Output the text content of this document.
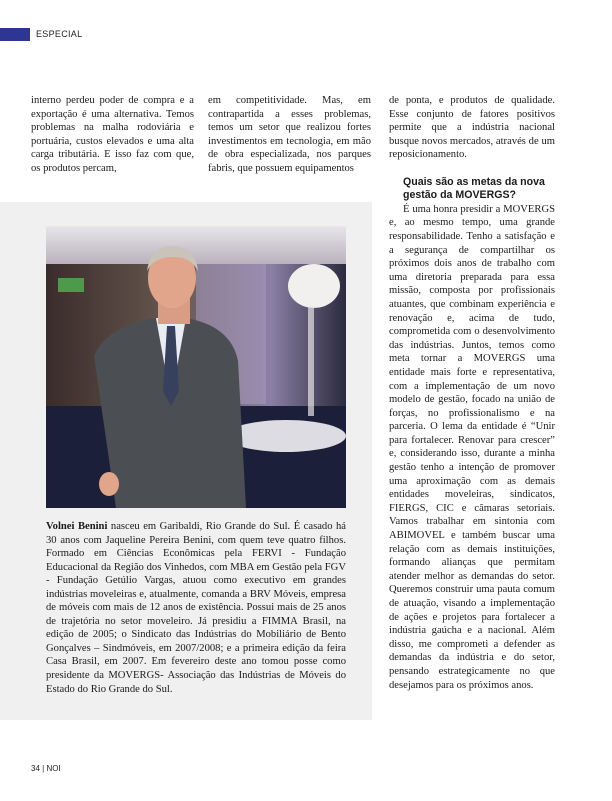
ESPECIAL

interno perdeu poder de compra e a exportação é uma alternativa. Temos problemas na malha rodoviária e portuária, custos elevados e uma alta carga tributária. E isso faz com que, os produtos percam,

em competitividade. Mas, em contrapartida a esses problemas, temos um setor que realizou fortes investimentos em tecnologia, em mão de obra especializada, nos parques fabris, que possuem equipamentos

de ponta, e produtos de qualidade. Esse conjunto de fatores positivos permite que a indústria nacional busque novos mercados, através de um reposicionamento.

Quais são as metas da nova gestão da MOVERGS?

É uma honra presidir a MOVERGS e, ao mesmo tempo, uma grande responsabilidade. Tenho a satisfação e a segurança de compartilhar os próximos dois anos de trabalho com uma diretoria preparada para essa missão, composta por profissionais atuantes, que combinam experiência e renovação e, acima de tudo, comprometida com o desenvolvimento das indústrias. Juntos, temos como meta tornar a MOVERGS uma entidade mais forte e representativa, com a implementação de um novo modelo de gestão, focado na união de forças, no profissionalismo e na parceria. O lema da entidade é “Unir para fortalecer. Renovar para crescer” e, considerando isso, durante a minha gestão tenho a intenção de promover uma aproximação com as demais entidades moveleiras, sindicatos, FIERGS, CIC e câmaras setoriais. Vamos trabalhar em sintonia com ABIMOVEL e também buscar uma relação com as demais instituições, formando alianças que permitam atender melhor as demandas do setor. Queremos construir uma pauta comum de atuação, visando a implementação de ações e projetos para fortalecer a indústria gaúcha e a nacional. Além disso, me comprometi a defender as demandas da indústria e do setor, pensando estrategicamente no que desejamos para os próximos anos.

Volnei Benini nasceu em Garibaldi, Rio Grande do Sul. É casado há 30 anos com Jaqueline Pereira Benini, com quem teve quatro filhos. Formado em Ciências Econômicas pela FERVI - Fundação Educacional da Região dos Vinhedos, com MBA em Gestão pela FGV - Fundação Getúlio Vargas, atuou como executivo em grandes indústrias moveleiras e, atualmente, comanda a BRV Móveis, empresa de móveis com mais de 12 anos de existência. Possui mais de 25 anos de trajetória no setor moveleiro. Já presidiu a FIMMA Brasil, na edição de 2005; o Sindicato das Indústrias do Mobiliário de Bento Gonçalves – Sindmóveis, em 2007/2008; e a primeira edição da feira Casa Brasil, em 2007. Em fevereiro deste ano tomou posse como presidente da MOVERGS- Associação das Indústrias de Móveis do Estado do Rio Grande do Sul.

34 | NOI
